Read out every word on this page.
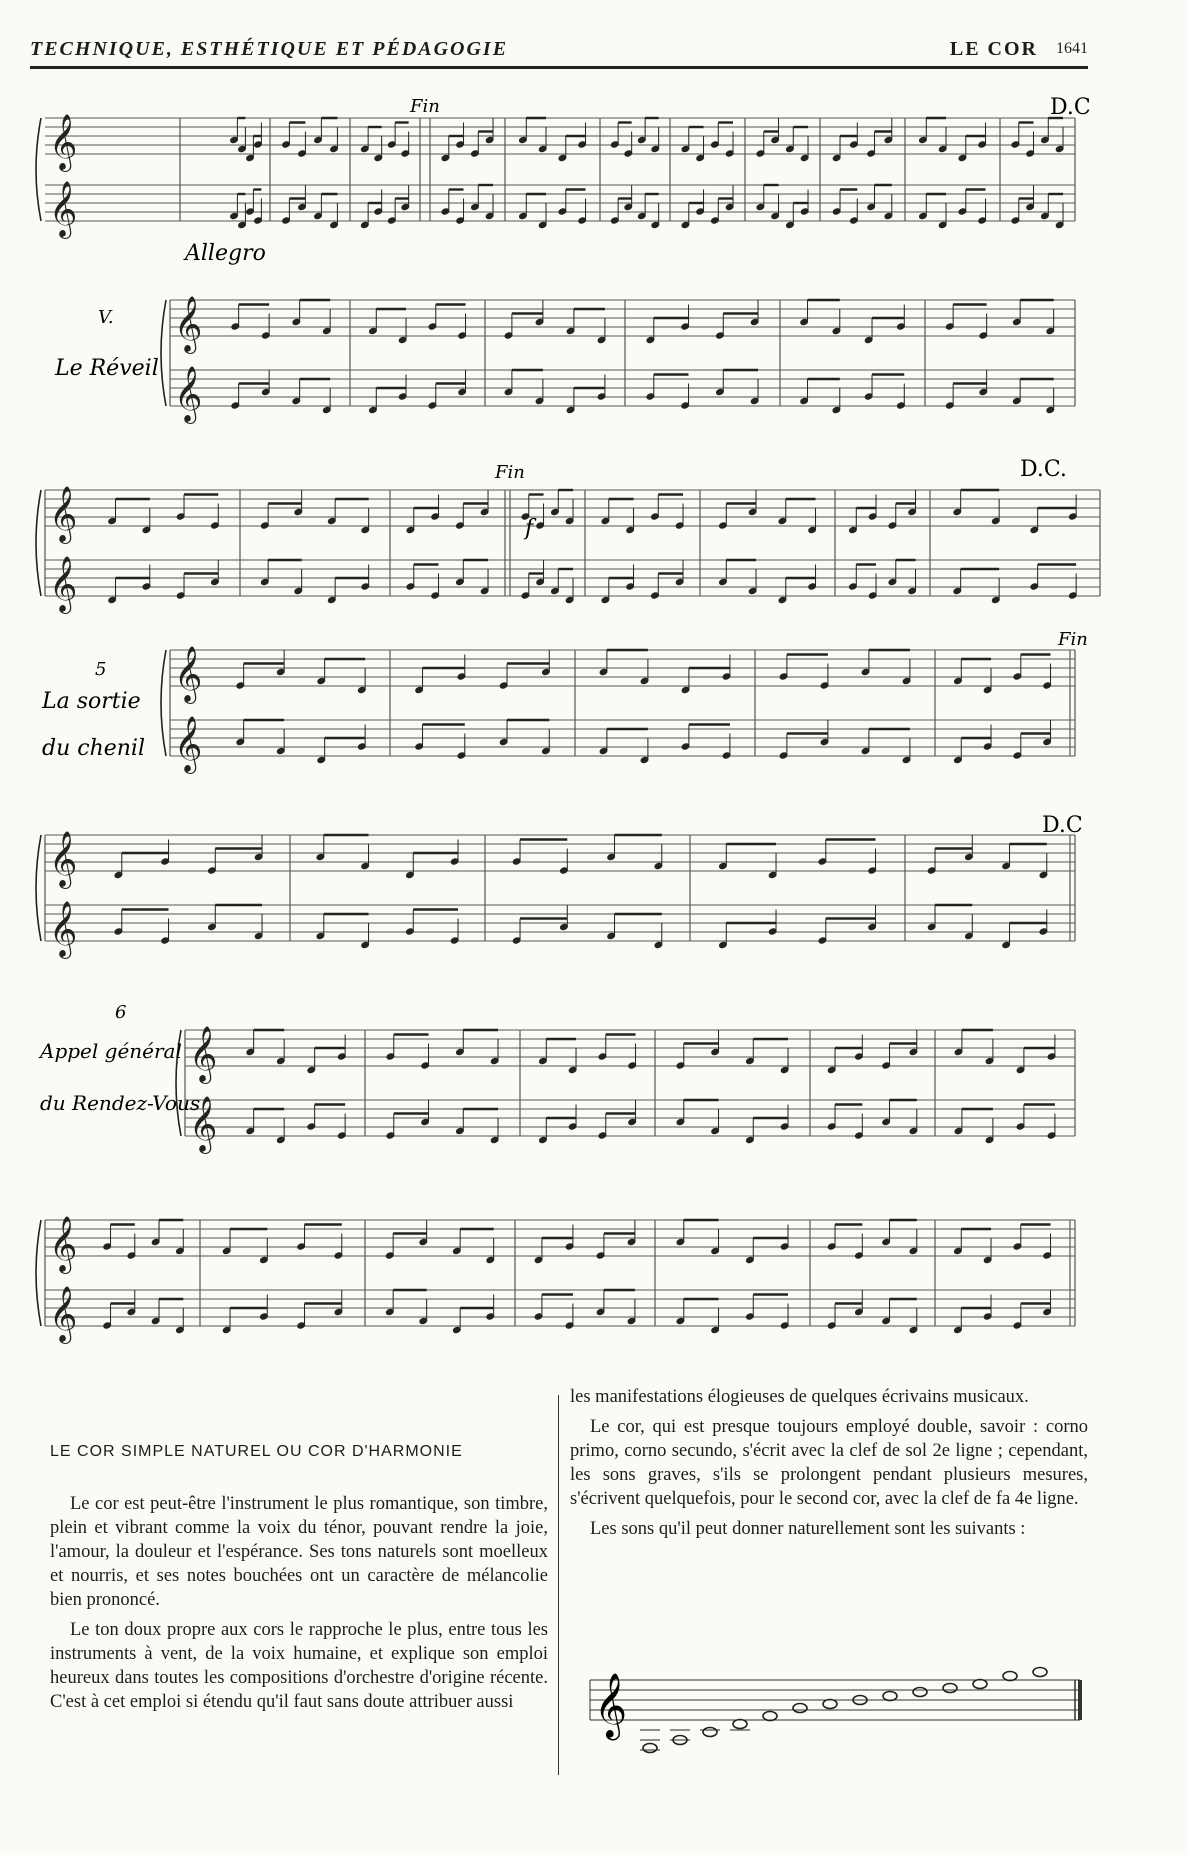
TECHNIQUE, ESTHÉTIQUE ET PÉDAGOGIE	LE COR 1641
𝄞
𝄞
𝄞
𝄞
𝄞
𝄞
𝄞
𝄞
𝄞
𝄞
𝄞
𝄞
𝄞
𝄞
Fin	D.C
Allegro
V.
Le Réveil
Fin	D.C.
f
5
La sortie
du chenil
Fin
D.C
6
Appel général
du Rendez-Vous
LE COR SIMPLE NATUREL OU COR D'HARMONIE

Le cor est peut-être l'instrument le plus romantique, son timbre, plein et vibrant comme la voix du ténor, pouvant rendre la joie, l'amour, la douleur et l'espérance. Ses tons naturels sont moelleux et nourris, et ses notes bouchées ont un caractère de mélancolie bien prononcé.

Le ton doux propre aux cors le rapproche le plus, entre tous les instruments à vent, de la voix humaine, et explique son emploi heureux dans toutes les compositions d'orchestre d'origine récente. C'est à cet emploi si étendu qu'il faut sans doute attribuer aussi

les manifestations élogieuses de quelques écrivains musicaux.

Le cor, qui est presque toujours employé double, savoir : corno primo, corno secundo, s'écrit avec la clef de sol 2e ligne ; cependant, les sons graves, s'ils se prolongent pendant plusieurs mesures, s'écrivent quelquefois, pour le second cor, avec la clef de fa 4e ligne.

Les sons qu'il peut donner naturellement sont les suivants :

𝄞
